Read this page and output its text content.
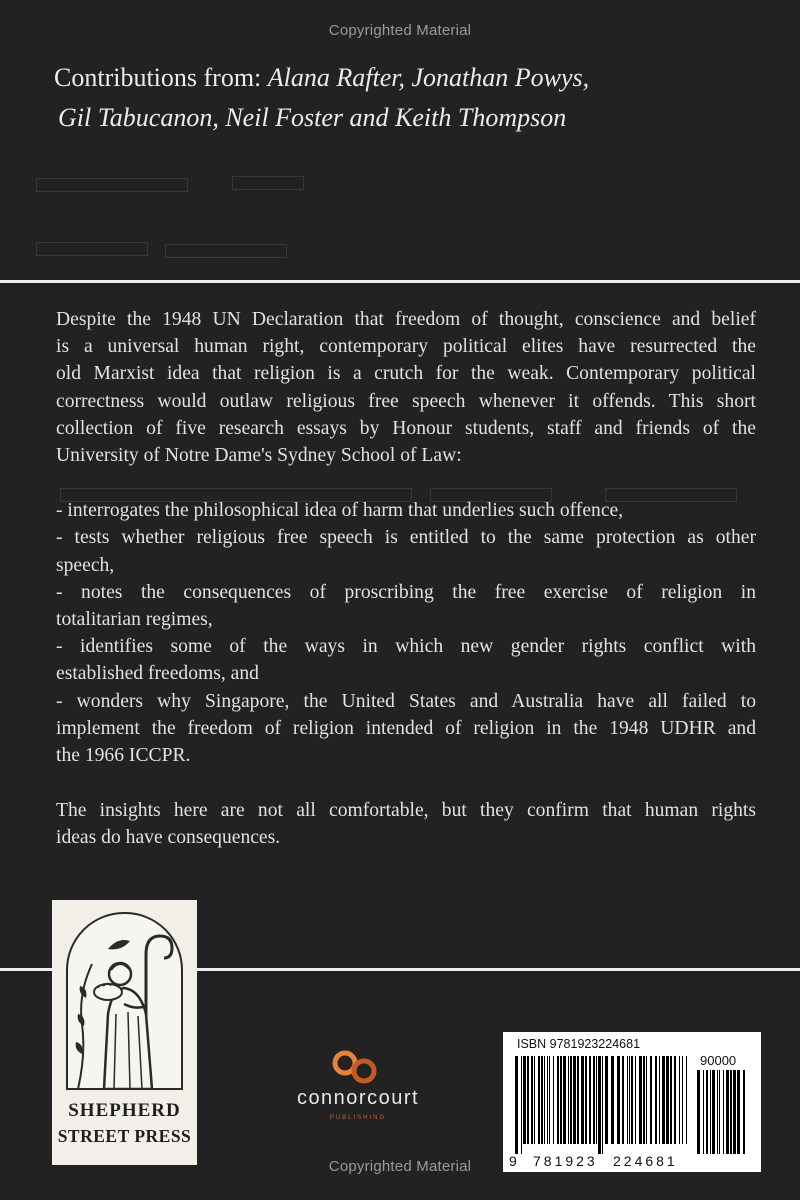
Copyrighted Material
Contributions from: Alana Rafter, Jonathan Powys,
Gil Tabucanon, Neil Foster and Keith Thompson

Despite the 1948 UN Declaration that freedom of thought, conscience and belief

is a universal human right, contemporary political elites have resurrected the

old Marxist idea that religion is a crutch for the weak. Contemporary political

correctness would outlaw religious free speech whenever it offends. This short

collection of five research essays by Honour students, staff and friends of the

University of Notre Dame's Sydney School of Law:

- interrogates the philosophical idea of harm that underlies such offence,

- tests whether religious free speech is entitled to the same protection as other

speech,

- notes the consequences of proscribing the free exercise of religion in

totalitarian regimes,

- identifies some of the ways in which new gender rights conflict with

established freedoms, and

- wonders why Singapore, the United States and Australia have all failed to

implement the freedom of religion intended of religion in the 1948 UDHR and

the 1966 ICCPR.

The insights here are not all comfortable, but they confirm that human rights

ideas do have consequences.

SHEPHERD
STREET PRESS
connorcourt
PUBLISHING
ISBN 9781923224681
90000
9 781923 224681
Copyrighted Material
